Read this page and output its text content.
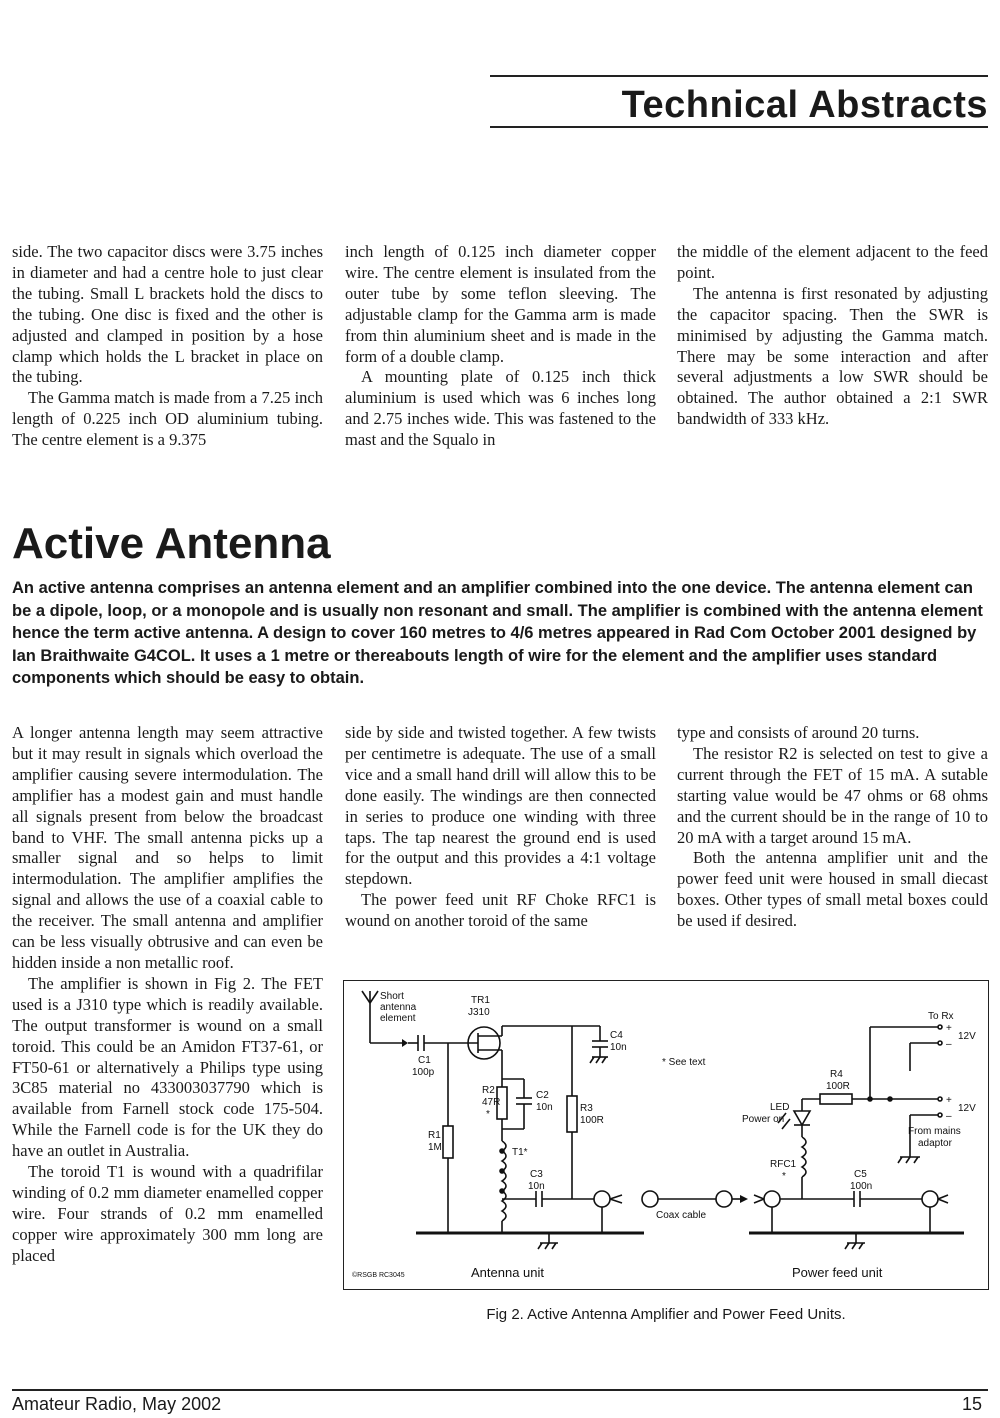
Technical Abstracts

side. The two capacitor discs were 3.75 inches in diameter and had a centre hole to just clear the tubing. Small L brackets hold the discs to the tubing. One disc is fixed and the other is adjusted and clamped in position by a hose clamp which holds the L bracket in place on the tubing.

The Gamma match is made from a 7.25 inch length of 0.225 inch OD aluminium tubing. The centre element is a 9.375

inch length of 0.125 inch diameter copper wire. The centre element is insulated from the outer tube by some teflon sleeving. The adjustable clamp for the Gamma arm is made from thin aluminium sheet and is made in the form of a double clamp.

A mounting plate of 0.125 inch thick aluminium is used which was 6 inches long and 2.75 inches wide. This was fastened to the mast and the Squalo in

the middle of the element adjacent to the feed point.

The antenna is first resonated by adjusting the capacitor spacing. Then the SWR is minimised by adjusting the Gamma match. There may be some interaction and after several adjustments a low SWR should be obtained. The author obtained a 2:1 SWR bandwidth of 333 kHz.

Active Antenna

An active antenna comprises an antenna element and an amplifier combined into the one device. The antenna element can be a dipole, loop, or a monopole and is usually non resonant and small. The amplifier is combined with the antenna element hence the term active antenna. A design to cover 160 metres to 4/6 metres appeared in Rad Com October 2001 designed by Ian Braithwaite G4COL. It uses a 1 metre or thereabouts length of wire for the element and the amplifier uses standard components which should be easy to obtain.

A longer antenna length may seem attractive but it may result in signals which overload the amplifier causing severe intermodulation. The amplifier has a modest gain and must handle all signals present from below the broadcast band to VHF. The small antenna picks up a smaller signal and so helps to limit intermodulation. The amplifier amplifies the signal and allows the use of a coaxial cable to the receiver. The small antenna and amplifier can be less visually obtrusive and can even be hidden inside a non metallic roof.

The amplifier is shown in Fig 2. The FET used is a J310 type which is readily available. The output transformer is wound on a small toroid. This could be an Amidon FT37-61, or FT50-61 or alternatively a Philips type using 3C85 material no 433003037790 which is available from Farnell stock code 175-504. While the Farnell code is for the UK they do have an outlet in Australia.

The toroid T1 is wound with a quadrifilar winding of 0.2 mm diameter enamelled copper wire. Four strands of 0.2 mm enamelled copper wire approximately 300 mm long are placed

side by side and twisted together. A few twists per centimetre is adequate. The use of a small vice and a small hand drill will allow this to be done easily. The windings are then connected in series to produce one winding with three taps. The tap nearest the ground end is used for the output and this provides a 4:1 voltage stepdown.

The power feed unit RF Choke RFC1 is wound on another toroid of the same

type and consists of around 20 turns.

The resistor R2 is selected on test to give a current through the FET of 15 mA. A sutable starting value would be 47 ohms or 68 ohms and the current should be in the range of 10 to 20 mA with a target around 15 mA.

Both the antenna amplifier unit and the power feed unit were housed in small diecast boxes. Other types of small metal boxes could be used if desired.

Short
antenna
element
C1
100p
R1
1M
TR1
J310
C4
10n
R3
100R
* See text
R2
47R
*
C2
10n
T1*
C3
10n
Coax cable
C5
100n
RFC1
*
LED
Power on
R4
100R
To Rx
+
–
12V
+
–
12V
From mains
adaptor
©RSGB RC3045	Antenna unit	Power feed unit
Fig 2. Active Antenna Amplifier and Power Feed Units.
Amateur Radio, May 2002	15
